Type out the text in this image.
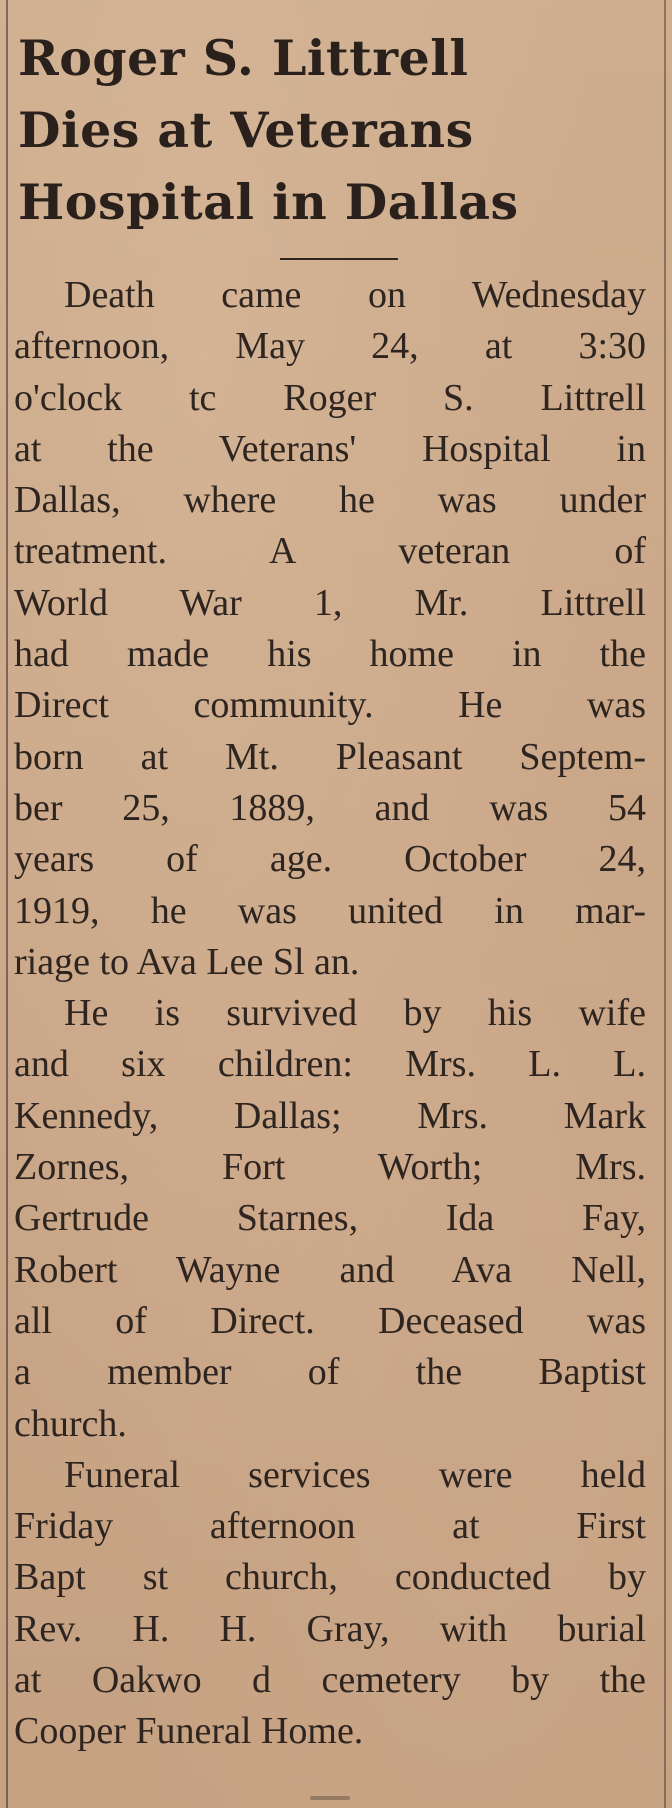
Roger S. Littrell
Dies at Veterans
Hospital in Dallas
Death came on Wednesday
afternoon, May 24, at 3:30
o'clock tc Roger S. Littrell
at the Veterans' Hospital in
Dallas, where he was under
treatment. A veteran of
World War 1, Mr. Littrell
had made his home in the
Direct community. He was
born at Mt. Pleasant Septem-
ber 25, 1889, and was 54
years of age. October 24,
1919, he was united in mar-
riage to Ava Lee Sl an.
He is survived by his wife
and six children: Mrs. L. L.
Kennedy, Dallas; Mrs. Mark
Zornes, Fort Worth; Mrs.
Gertrude Starnes, Ida Fay,
Robert Wayne and Ava Nell,
all of Direct. Deceased was
a member of the Baptist
church.
Funeral services were held
Friday afternoon at First
Bapt st church, conducted by
Rev. H. H. Gray, with burial
at Oakwo d cemetery by the
Cooper Funeral Home.
